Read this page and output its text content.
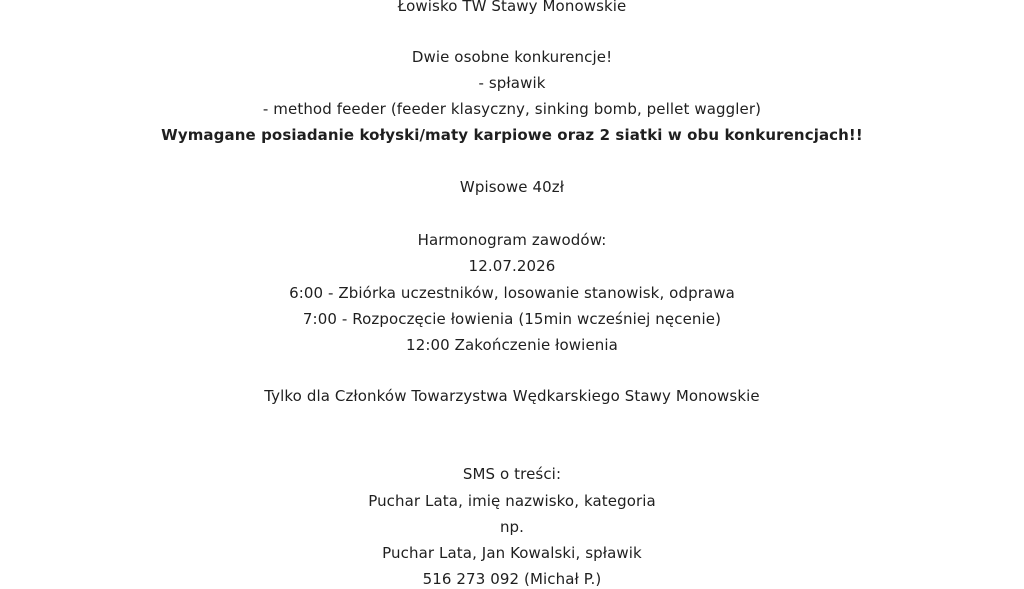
Łowisko TW Stawy Monowskie
Dwie osobne konkurencje!
- spławik
- method feeder (feeder klasyczny, sinking bomb, pellet waggler)
Wymagane posiadanie kołyski/maty karpiowe oraz 2 siatki w obu konkurencjach!!
Wpisowe 40zł
Harmonogram zawodów:
12.07.2026
6:00 - Zbiórka uczestników, losowanie stanowisk, odprawa
7:00 - Rozpoczęcie łowienia (15min wcześniej nęcenie)
12:00 Zakończenie łowienia
Tylko dla Członków Towarzystwa Wędkarskiego Stawy Monowskie
SMS o treści:
Puchar Lata, imię nazwisko, kategoria
np.
Puchar Lata, Jan Kowalski, spławik
516 273 092 (Michał P.)
